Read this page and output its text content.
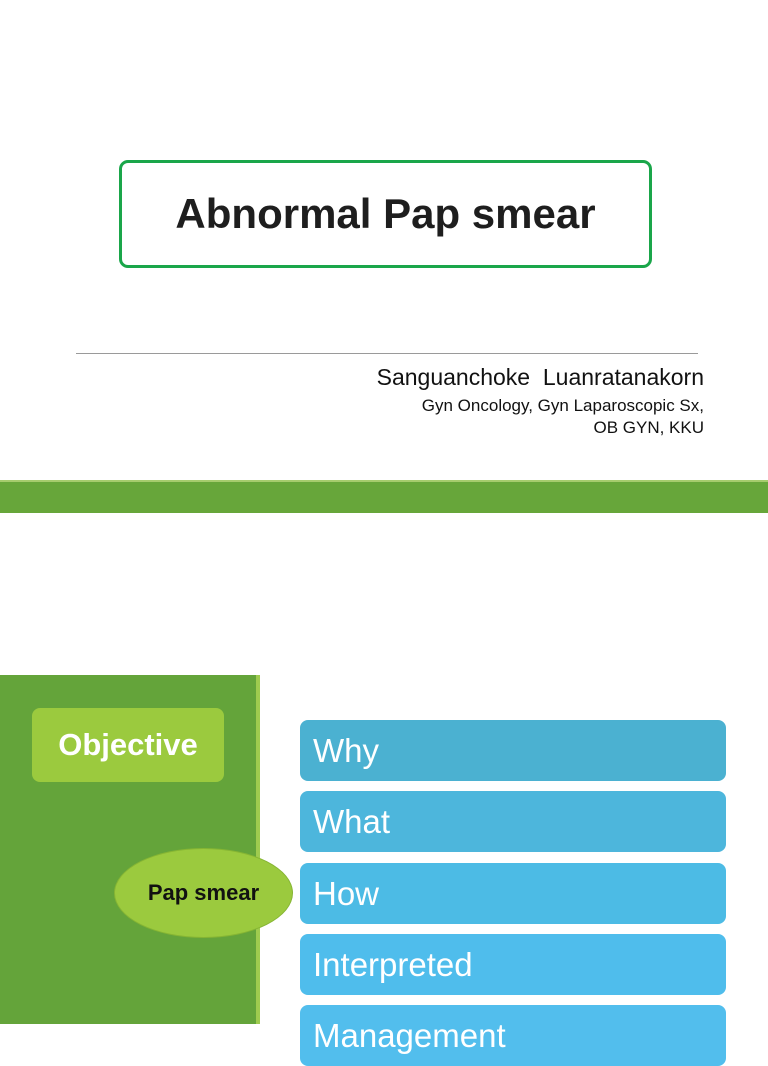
Abnormal Pap smear
Sanguanchoke  Luanratanakorn
Gyn Oncology, Gyn Laparoscopic Sx,
OB GYN, KKU
Objective
Pap smear
Why
What
How
Interpreted
Management
